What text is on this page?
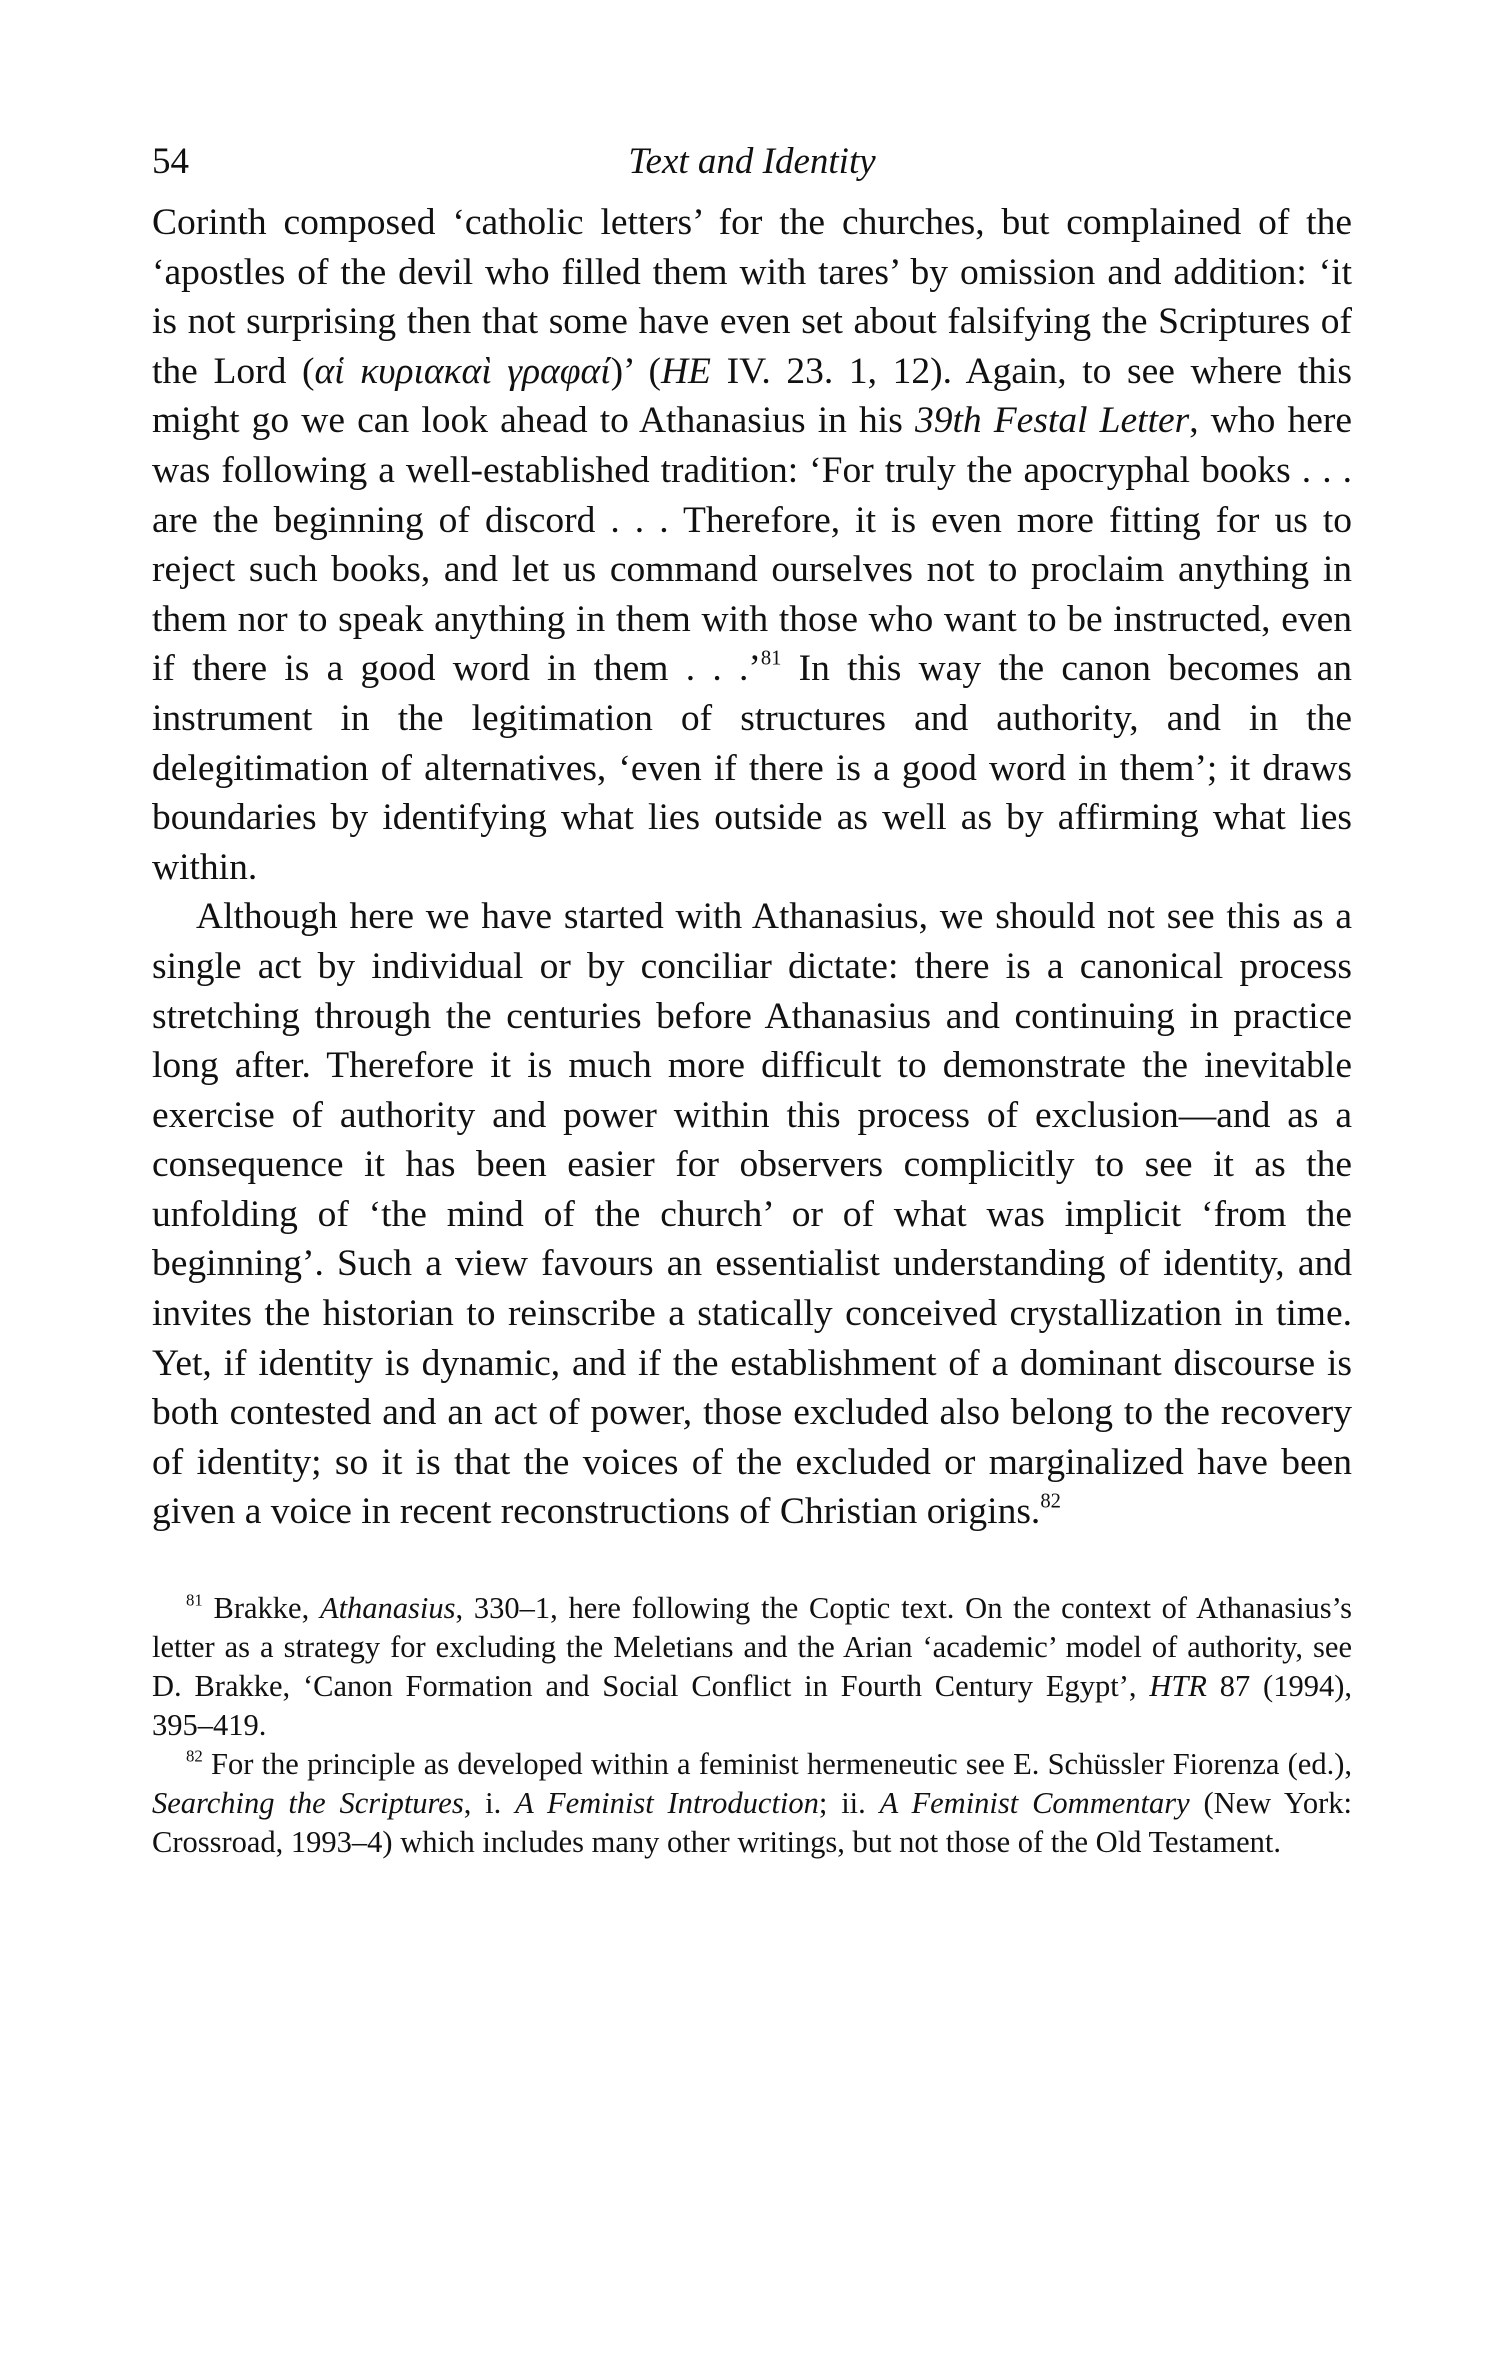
54	Text and Identity

Corinth composed ‘catholic letters’ for the churches, but complained of the ‘apostles of the devil who filled them with tares’ by omission and addition: ‘it is not surprising then that some have even set about falsifying the Scriptures of the Lord (αἱ κυριακαὶ γραφαί)’ (HE IV. 23. 1, 12). Again, to see where this might go we can look ahead to Athanasius in his 39th Festal Letter, who here was following a well-established tradition: ‘For truly the apocryphal books . . . are the beginning of discord . . . Therefore, it is even more fitting for us to reject such books, and let us command ourselves not to proclaim anything in them nor to speak anything in them with those who want to be instructed, even if there is a good word in them . . .’$^{81}$ In this way the canon becomes an instrument in the legitimation of structures and authority, and in the delegitimation of alternatives, ‘even if there is a good word in them’; it draws boundaries by identifying what lies outside as well as by affirming what lies within.

Although here we have started with Athanasius, we should not see this as a single act by individual or by conciliar dictate: there is a canonical process stretching through the centuries before Athanasius and continuing in practice long after. Therefore it is much more difficult to demonstrate the inevitable exercise of authority and power within this process of exclusion—and as a consequence it has been easier for observers complicitly to see it as the unfolding of ‘the mind of the church’ or of what was implicit ‘from the beginning’. Such a view favours an essentialist understanding of identity, and invites the historian to reinscribe a statically conceived crystallization in time. Yet, if identity is dynamic, and if the establishment of a dominant discourse is both contested and an act of power, those excluded also belong to the recovery of identity; so it is that the voices of the excluded or marginalized have been given a voice in recent reconstructions of Christian origins.$^{82}$

$^{81}$ Brakke, Athanasius, 330–1, here following the Coptic text. On the context of Athanasius’s letter as a strategy for excluding the Meletians and the Arian ‘academic’ model of authority, see D. Brakke, ‘Canon Formation and Social Conflict in Fourth Century Egypt’, HTR 87 (1994), 395–419.

$^{82}$ For the principle as developed within a feminist hermeneutic see E. Schüssler Fiorenza (ed.), Searching the Scriptures, i. A Feminist Introduction; ii. A Feminist Commentary (New York: Crossroad, 1993–4) which includes many other writings, but not those of the Old Testament.
